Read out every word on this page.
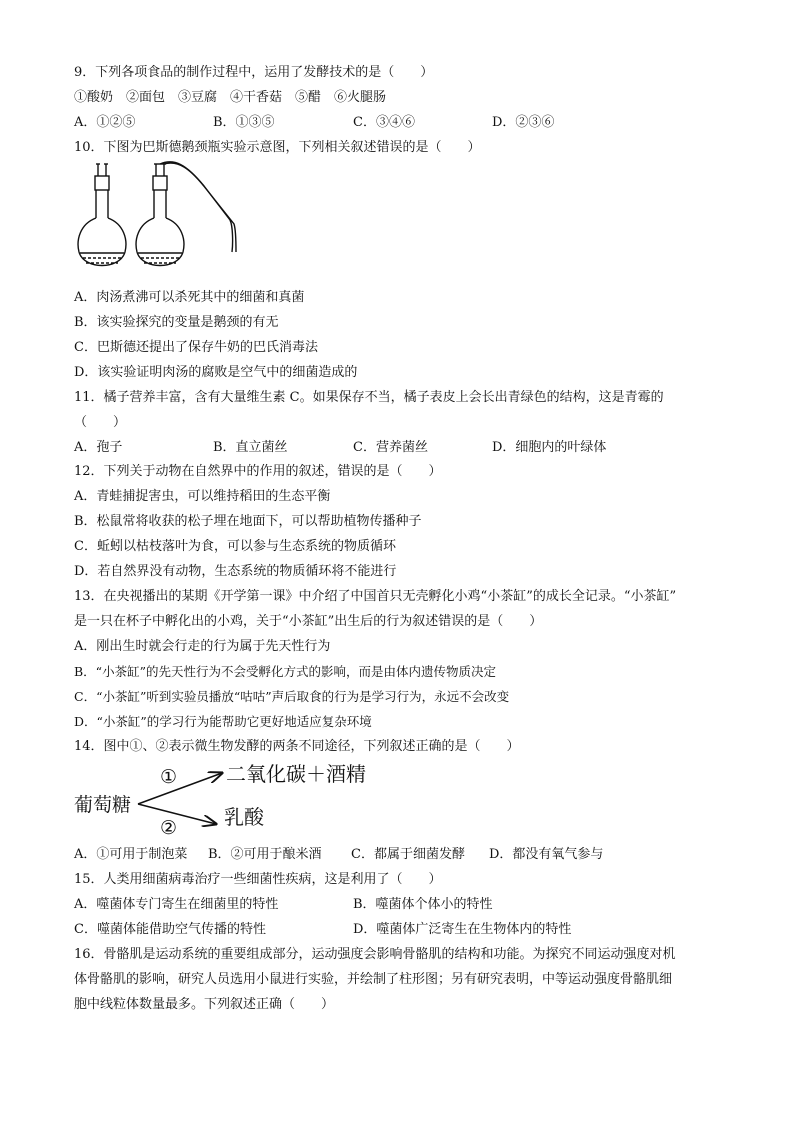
9．下列各项食品的制作过程中，运用了发酵技术的是（　　）
①酸奶　②面包　③豆腐　④干香菇　⑤醋　⑥火腿肠
A．①②⑤	B．①③⑤	C．③④⑥	D．②③⑥
10．下图为巴斯德鹅颈瓶实验示意图，下列相关叙述错误的是（　　）
A．肉汤煮沸可以杀死其中的细菌和真菌
B．该实验探究的变量是鹅颈的有无
C．巴斯德还提出了保存牛奶的巴氏消毒法
D．该实验证明肉汤的腐败是空气中的细菌造成的
11．橘子营养丰富，含有大量维生素 C。如果保存不当，橘子表皮上会长出青绿色的结构，这是青霉的
（　　）
A．孢子	B．直立菌丝	C．营养菌丝	D．细胞内的叶绿体
12．下列关于动物在自然界中的作用的叙述，错误的是（　　）
A．青蛙捕捉害虫，可以维持稻田的生态平衡
B．松鼠常将收获的松子埋在地面下，可以帮助植物传播种子
C．蚯蚓以枯枝落叶为食，可以参与生态系统的物质循环
D．若自然界没有动物，生态系统的物质循环将不能进行
13．在央视播出的某期《开学第一课》中介绍了中国首只无壳孵化小鸡“小茶缸”的成长全记录。“小茶缸”
是一只在杯子中孵化出的小鸡，关于“小茶缸”出生后的行为叙述错误的是（　　）
A．刚出生时就会行走的行为属于先天性行为
B．“小茶缸”的先天性行为不会受孵化方式的影响，而是由体内遗传物质决定
C．“小茶缸”听到实验员播放“咕咕”声后取食的行为是学习行为，永远不会改变
D．“小茶缸”的学习行为能帮助它更好地适应复杂环境
14．图中①、②表示微生物发酵的两条不同途径，下列叙述正确的是（　　）
葡萄糖
①
②
二氧化碳＋酒精
乳酸
A．①可用于制泡菜 B．②可用于酿米酒 C．都属于细菌发酵 D．都没有氧气参与
15．人类用细菌病毒治疗一些细菌性疾病，这是利用了（　　）
A．噬菌体专门寄生在细菌里的特性	B．噬菌体个体小的特性
C．噬菌体能借助空气传播的特性	D．噬菌体广泛寄生在生物体内的特性
16．骨骼肌是运动系统的重要组成部分，运动强度会影响骨骼肌的结构和功能。为探究不同运动强度对机
体骨骼肌的影响，研究人员选用小鼠进行实验，并绘制了柱形图；另有研究表明，中等运动强度骨骼肌细
胞中线粒体数量最多。下列叙述正确（　　）
